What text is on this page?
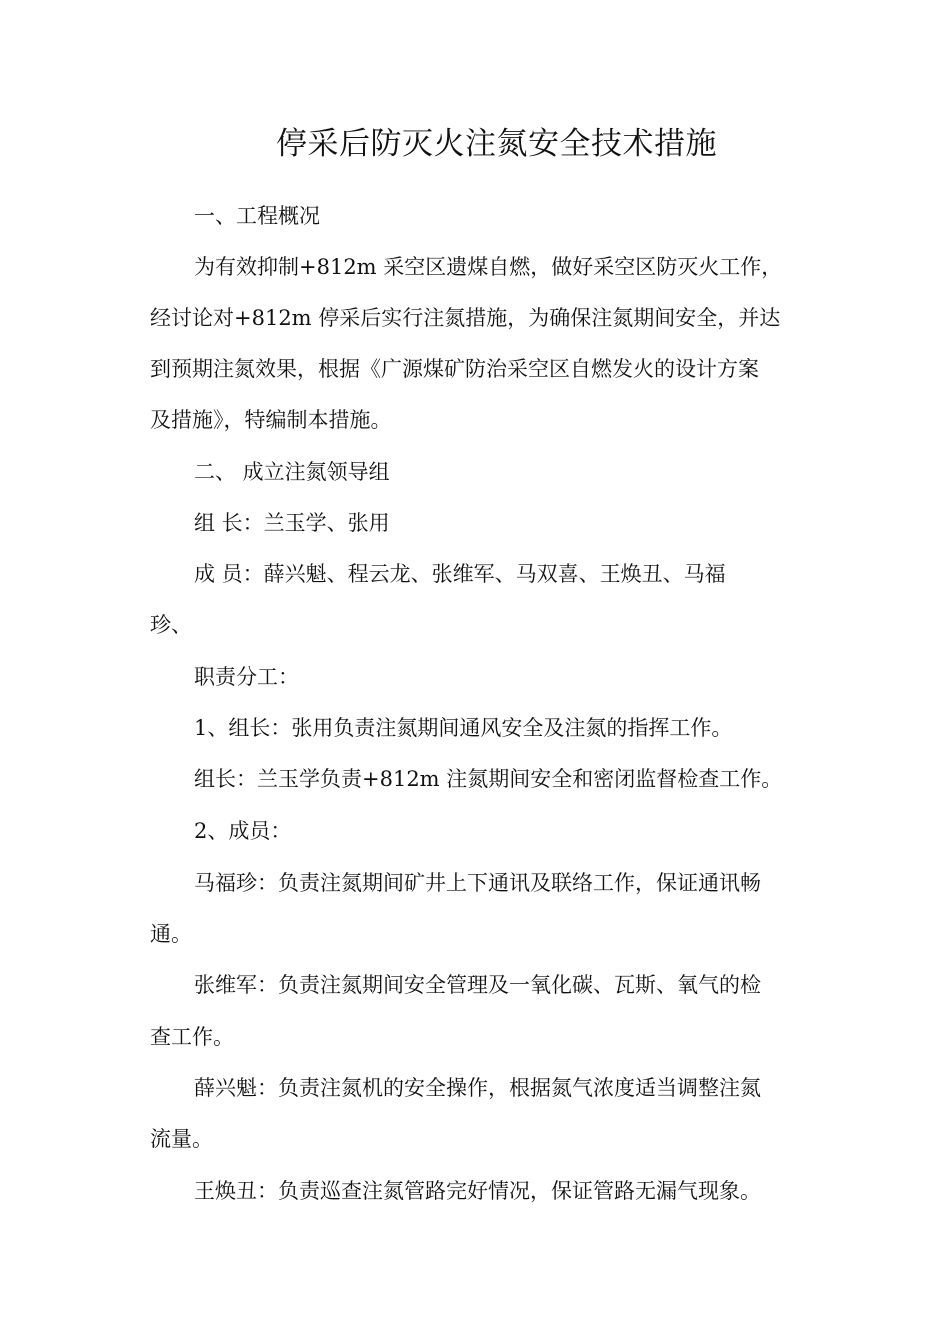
停采后防灭火注氮安全技术措施

一、工程概况

为有效抑制+812m 采空区遗煤自燃，做好采空区防灭火工作，

经讨论对+812m 停采后实行注氮措施，为确保注氮期间安全，并达

到预期注氮效果，根据《广源煤矿防治采空区自燃发火的设计方案

及措施》，特编制本措施。

二、 成立注氮领导组

组 长：兰玉学、张用

成 员：薛兴魁、程云龙、张维军、马双喜、王焕丑、马福

珍、

职责分工：

1、组长：张用负责注氮期间通风安全及注氮的指挥工作。

组长：兰玉学负责+812m 注氮期间安全和密闭监督检查工作。

2、成员：

马福珍：负责注氮期间矿井上下通讯及联络工作，保证通讯畅

通。

张维军：负责注氮期间安全管理及一氧化碳、瓦斯、氧气的检

查工作。

薛兴魁：负责注氮机的安全操作，根据氮气浓度适当调整注氮

流量。

王焕丑：负责巡查注氮管路完好情况，保证管路无漏气现象。
